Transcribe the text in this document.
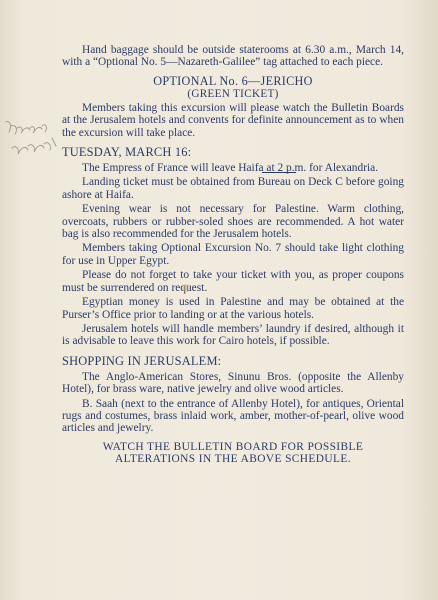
Hand baggage should be outside staterooms at 6.30 a.m., March 14, with a “Optional No. 5—Nazareth-Galilee” tag attached to each piece.

OPTIONAL No. 6—JERICHO
(GREEN TICKET)

Members taking this excursion will please watch the Bulletin Boards at the Jerusalem hotels and convents for definite announcement as to when the excursion will take place.

TUESDAY, MARCH 16:

The Empress of France will leave Haifa at 2 p.m. for Alexandria.

Landing ticket must be obtained from Bureau on Deck C before going ashore at Haifa.

Evening wear is not necessary for Palestine. Warm clothing, overcoats, rubbers or rubber-soled shoes are recommended. A hot water bag is also recommended for the Jerusalem hotels.

Members taking Optional Excursion No. 7 should take light clothing for use in Upper Egypt.

Please do not forget to take your ticket with you, as proper coupons must be surrendered on request.

Egyptian money is used in Palestine and may be obtained at the Purser’s Office prior to landing or at the various hotels.

Jerusalem hotels will handle members’ laundry if desired, although it is advisable to leave this work for Cairo hotels, if possible.

SHOPPING IN JERUSALEM:

The Anglo-American Stores, Sinunu Bros. (opposite the Allenby Hotel), for brass ware, native jewelry and olive wood articles.

B. Saah (next to the entrance of Allenby Hotel), for antiques, Oriental rugs and costumes, brass inlaid work, amber, mother-of-pearl, olive wood articles and jewelry.

WATCH THE BULLETIN BOARD FOR POSSIBLE ALTERATIONS IN THE ABOVE SCHEDULE.
